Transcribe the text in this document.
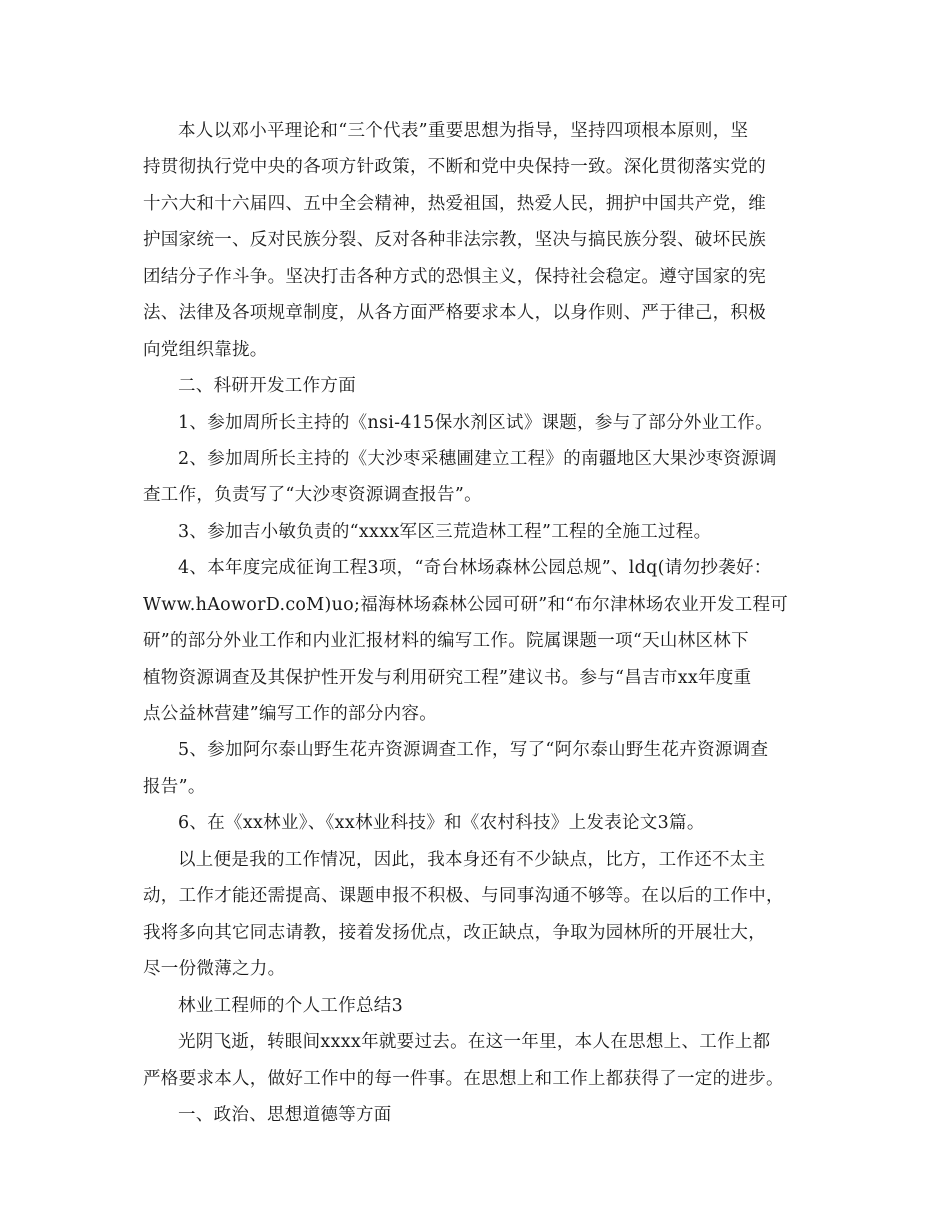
本人以邓小平理论和“三个代表”重要思想为指导，坚持四项根本原则，坚
持贯彻执行党中央的各项方针政策，不断和党中央保持一致。深化贯彻落实党的
十六大和十六届四、五中全会精神，热爱祖国，热爱人民，拥护中国共产党，维
护国家统一、反对民族分裂、反对各种非法宗教，坚决与搞民族分裂、破坏民族
团结分子作斗争。坚决打击各种方式的恐惧主义，保持社会稳定。遵守国家的宪
法、法律及各项规章制度，从各方面严格要求本人，以身作则、严于律己，积极
向党组织靠拢。
二、科研开发工作方面
1、参加周所长主持的《nsi-415保水剂区试》课题，参与了部分外业工作。
2、参加周所长主持的《大沙枣采穗圃建立工程》的南疆地区大果沙枣资源调
查工作，负责写了“大沙枣资源调查报告”。
3、参加吉小敏负责的“xxxx军区三荒造林工程”工程的全施工过程。
4、本年度完成征询工程3项，“奇台林场森林公园总规”、ldq(请勿抄袭好：
Www.hAoworD.coM)uo;福海林场森林公园可研”和“布尔津林场农业开发工程可
研”的部分外业工作和内业汇报材料的编写工作。院属课题一项“天山林区林下
植物资源调查及其保护性开发与利用研究工程”建议书。参与“昌吉市xx年度重
点公益林营建”编写工作的部分内容。
5、参加阿尔泰山野生花卉资源调查工作，写了“阿尔泰山野生花卉资源调查
报告”。
6、在《xx林业》、《xx林业科技》和《农村科技》上发表论文3篇。
以上便是我的工作情况，因此，我本身还有不少缺点，比方，工作还不太主
动，工作才能还需提高、课题申报不积极、与同事沟通不够等。在以后的工作中，
我将多向其它同志请教，接着发扬优点，改正缺点，争取为园林所的开展壮大，
尽一份微薄之力。
林业工程师的个人工作总结3
光阴飞逝，转眼间xxxx年就要过去。在这一年里，本人在思想上、工作上都
严格要求本人，做好工作中的每一件事。在思想上和工作上都获得了一定的进步。
一、政治、思想道德等方面
